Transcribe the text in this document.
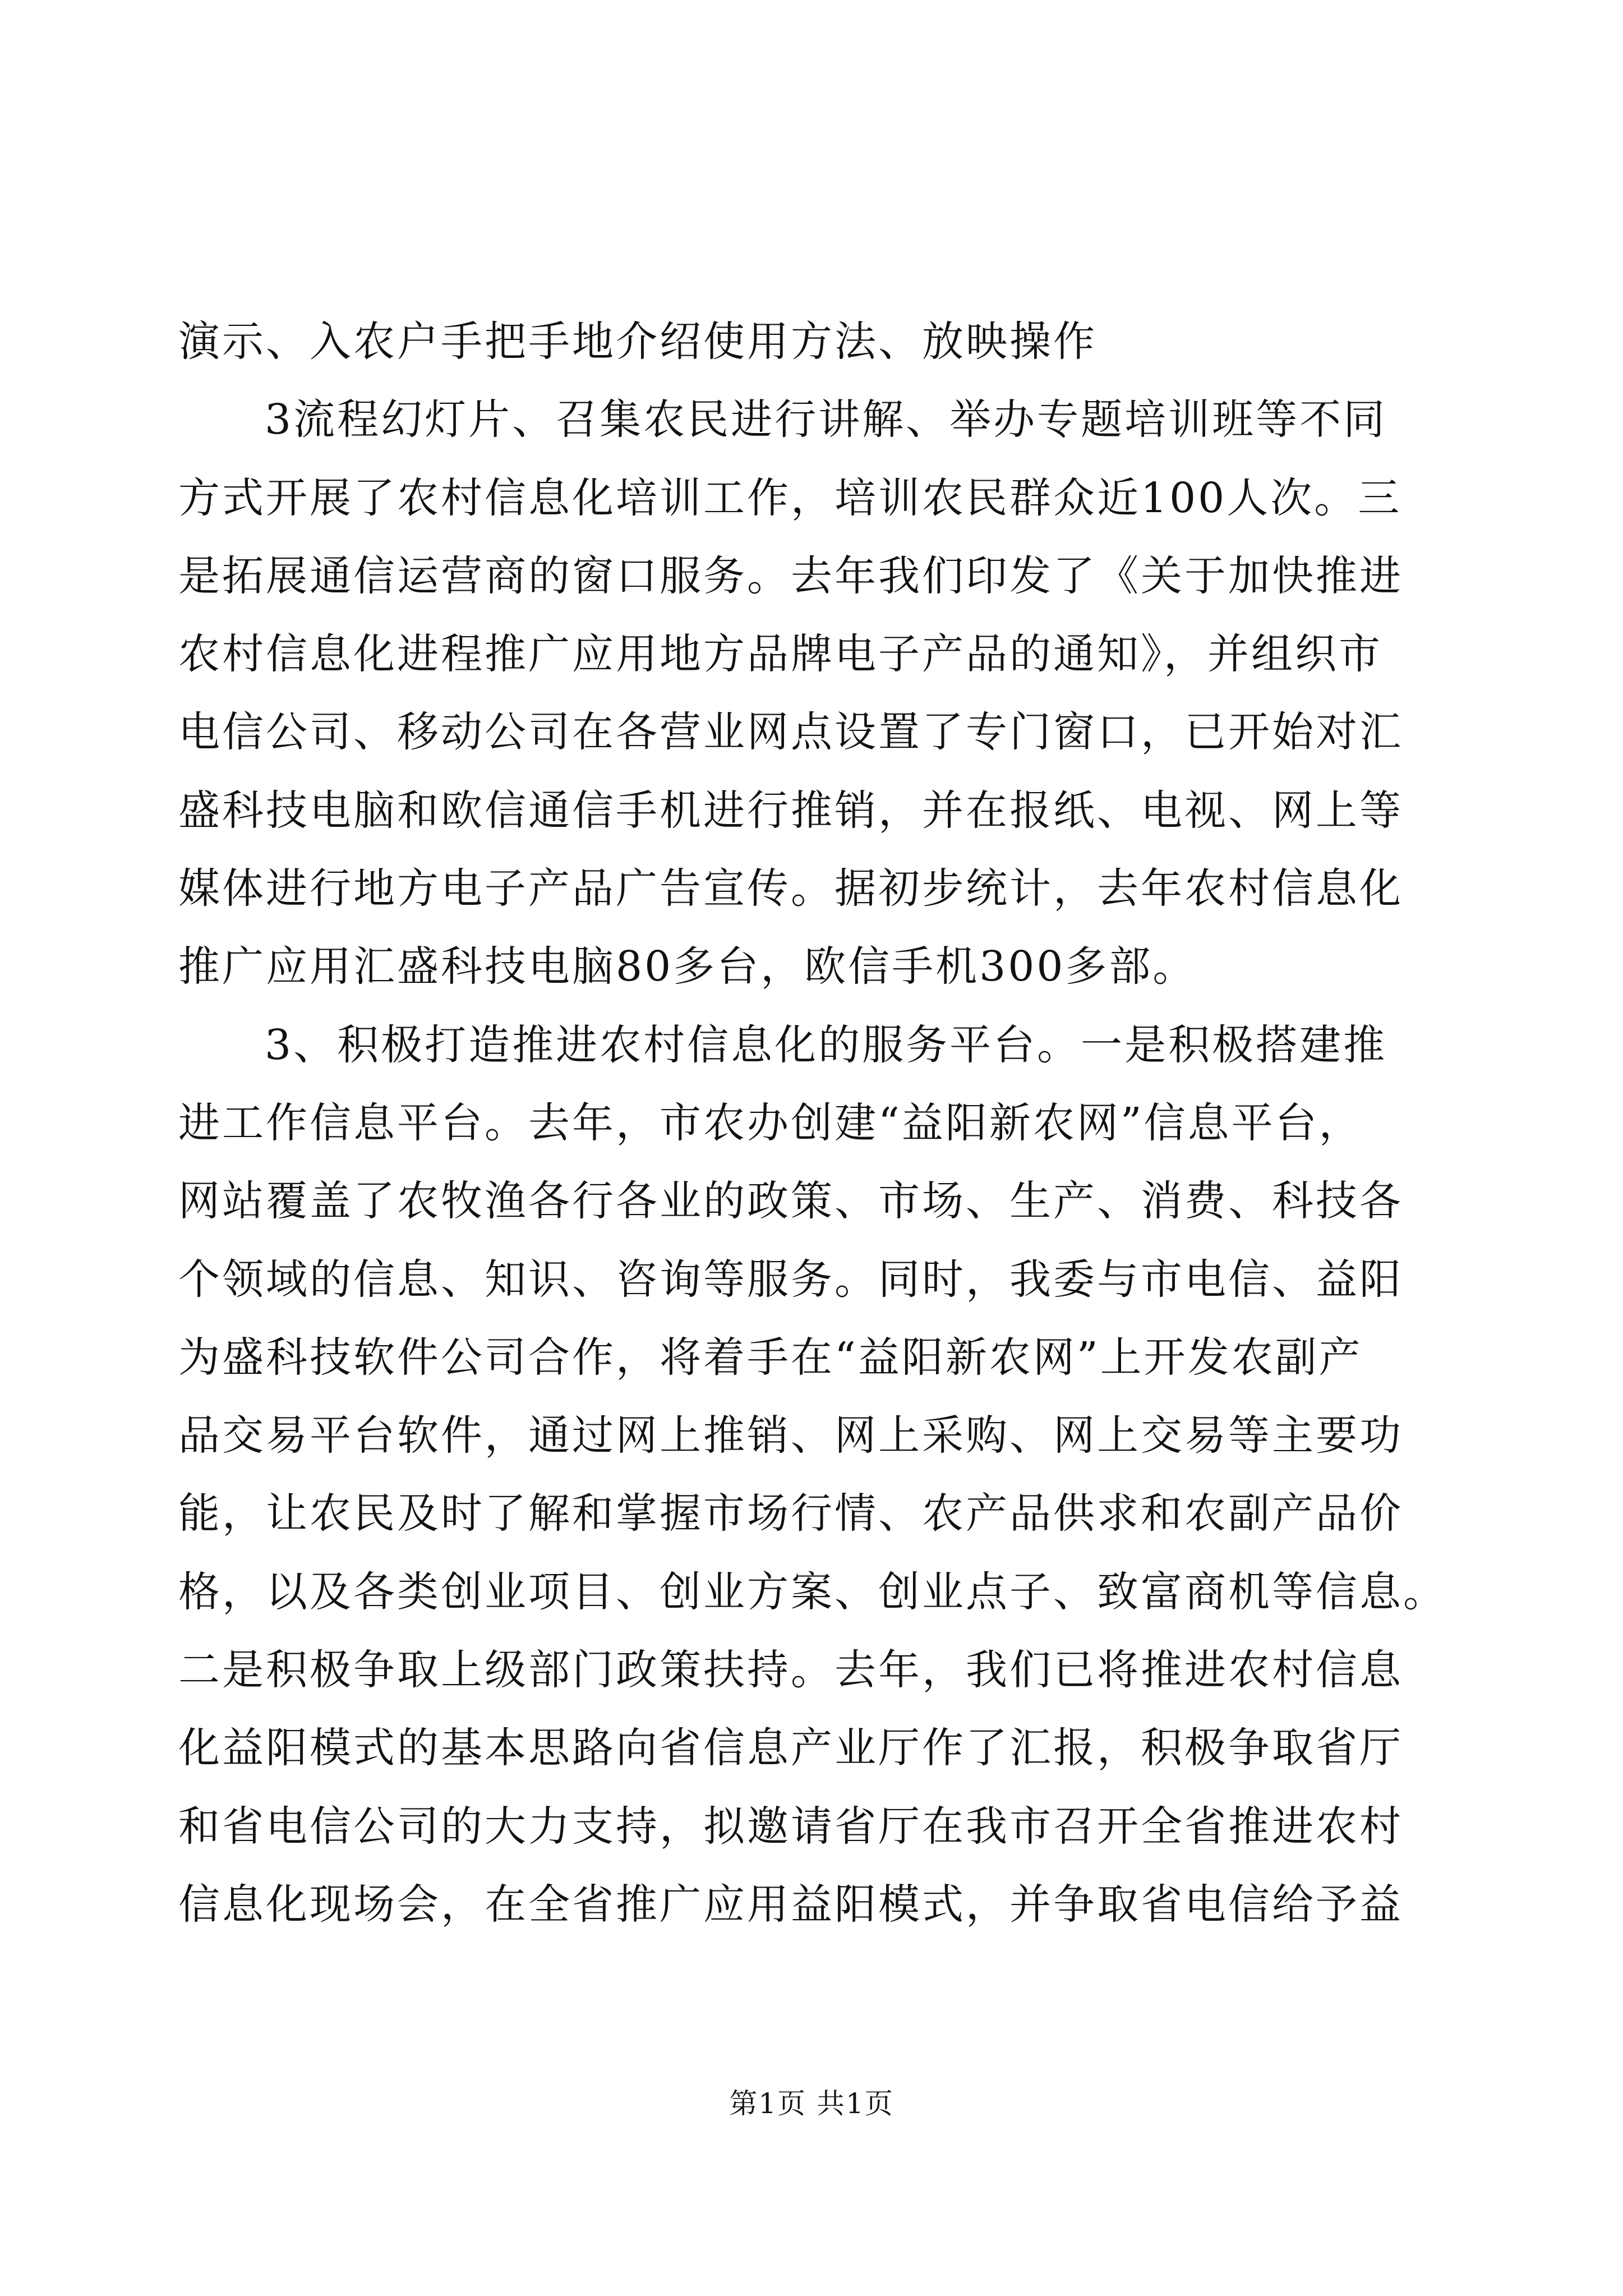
演示、入农户手把手地介绍使用方法、放映操作
3流程幻灯片、召集农民进行讲解、举办专题培训班等不同
方式开展了农村信息化培训工作，培训农民群众近100人次。三
是拓展通信运营商的窗口服务。去年我们印发了《关于加快推进
农村信息化进程推广应用地方品牌电子产品的通知》，并组织市
电信公司、移动公司在各营业网点设置了专门窗口，已开始对汇
盛科技电脑和欧信通信手机进行推销，并在报纸、电视、网上等
媒体进行地方电子产品广告宣传。据初步统计，去年农村信息化
推广应用汇盛科技电脑80多台，欧信手机300多部。
3、积极打造推进农村信息化的服务平台。一是积极搭建推
进工作信息平台。去年，市农办创建“益阳新农网”信息平台，
网站覆盖了农牧渔各行各业的政策、市场、生产、消费、科技各
个领域的信息、知识、咨询等服务。同时，我委与市电信、益阳
为盛科技软件公司合作，将着手在“益阳新农网”上开发农副产
品交易平台软件，通过网上推销、网上采购、网上交易等主要功
能，让农民及时了解和掌握市场行情、农产品供求和农副产品价
格，以及各类创业项目、创业方案、创业点子、致富商机等信息。
二是积极争取上级部门政策扶持。去年，我们已将推进农村信息
化益阳模式的基本思路向省信息产业厅作了汇报，积极争取省厅
和省电信公司的大力支持，拟邀请省厅在我市召开全省推进农村
信息化现场会，在全省推广应用益阳模式，并争取省电信给予益
第1页 共1页
